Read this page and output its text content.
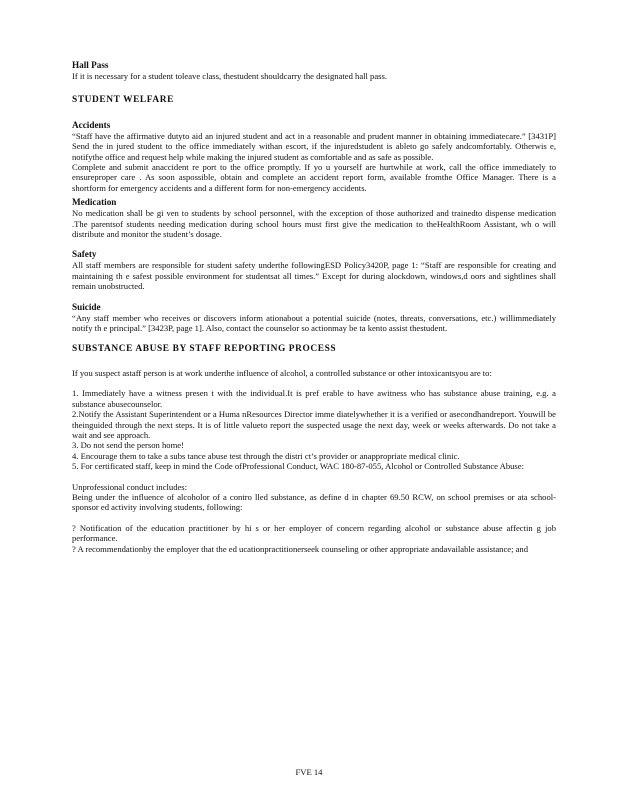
Hall Pass

If it is necessary for a student toleave class, thestudent shouldcarry the designated hall pass.

STUDENT WELFARE

Accidents

“Staff have the affirmative dutyto aid an injured student and act in a reasonable and prudent manner in obtaining immediatecare.” [3431P] Send the in jured student to the office immediately withan escort, if the injuredstudent is ableto go safely andcomfortably. Otherwis e, notifythe office and request help while making the injured student as comfortable and as safe as possible.

Complete and submit anaccident re port to the office promptly. If yo u yourself are hurtwhile at work, call the office immediately to ensureproper care . As soon aspossible, obtain and complete an accident report form, available fromthe Office Manager. There is a shortform for emergency accidents and a different form for non-emergency accidents.

Medication

No medication shall be gi ven to students by school personnel, with the exception of those authorized and trainedto dispense medication .The parentsof students needing medication during school hours must first give the medication to theHealthRoom Assistant, wh o will distribute and monitor the student’s dosage.

Safety

All staff members are responsible for student safety underthe followingESD Policy3420P, page 1: “Staff are responsible for creating and maintaining th e safest possible environment for studentsat all times.” Except for during alockdown, windows,d oors and sightlines shall remain unobstructed.

Suicide

“Any staff member who receives or discovers inform ationabout a potential suicide (notes, threats, conversations, etc.) willimmediately notify th e principal.” [3423P, page 1]. Also, contact the counselor so actionmay be ta kento assist thestudent.

SUBSTANCE ABUSE BY STAFF REPORTING PROCESS

If you suspect astaff person is at work underthe influence of alcohol, a controlled substance or other intoxicantsyou are to:

1. Immediately have a witness presen t with the individual.It is pref erable to have awitness who has substance abuse training, e.g. a substance abusecounselor.

2.Notify the Assistant Superintendent or a Huma nResources Director imme diatelywhether it is a verified or asecondhandreport. Youwill be theinguided through the next steps. It is of little valueto report the suspected usage the next day, week or weeks afterwards. Do not take a wait and see approach.

3. Do not send the person home!

4. Encourage them to take a subs tance abuse test through the distri ct’s provider or anappropriate medical clinic.

5. For certificated staff, keep in mind the Code ofProfessional Conduct, WAC 180-87-055, Alcohol or Controlled Substance Abuse:

Unprofessional conduct includes:

Being under the influence of alcoholor of a contro lled substance, as define d in chapter 69.50 RCW, on school premises or ata school-sponsor ed activity involving students, following:

? Notification of the education practitioner by hi s or her employer of concern regarding alcohol or substance abuse affectin g job performance.

? A recommendationby the employer that the ed ucationpractitionerseek counseling or other appropriate andavailable assistance; and

FVE 14
